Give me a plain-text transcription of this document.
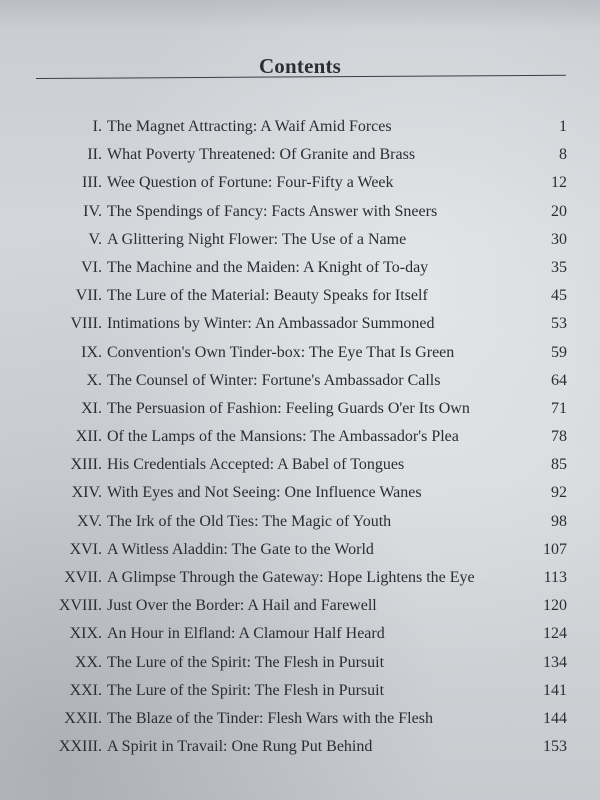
Contents
I. The Magnet Attracting: A Waif Amid Forces	1
II. What Poverty Threatened: Of Granite and Brass	8
III. Wee Question of Fortune: Four-Fifty a Week	12
IV. The Spendings of Fancy: Facts Answer with Sneers	20
V. A Glittering Night Flower: The Use of a Name	30
VI. The Machine and the Maiden: A Knight of To-day	35
VII. The Lure of the Material: Beauty Speaks for Itself	45
VIII. Intimations by Winter: An Ambassador Summoned	53
IX. Convention's Own Tinder-box: The Eye That Is Green	59
X. The Counsel of Winter: Fortune's Ambassador Calls	64
XI. The Persuasion of Fashion: Feeling Guards O'er Its Own	71
XII. Of the Lamps of the Mansions: The Ambassador's Plea	78
XIII. His Credentials Accepted: A Babel of Tongues	85
XIV. With Eyes and Not Seeing: One Influence Wanes	92
XV. The Irk of the Old Ties: The Magic of Youth	98
XVI. A Witless Aladdin: The Gate to the World	107
XVII. A Glimpse Through the Gateway: Hope Lightens the Eye	113
XVIII. Just Over the Border: A Hail and Farewell	120
XIX. An Hour in Elfland: A Clamour Half Heard	124
XX. The Lure of the Spirit: The Flesh in Pursuit	134
XXI. The Lure of the Spirit: The Flesh in Pursuit	141
XXII. The Blaze of the Tinder: Flesh Wars with the Flesh	144
XXIII. A Spirit in Travail: One Rung Put Behind	153
